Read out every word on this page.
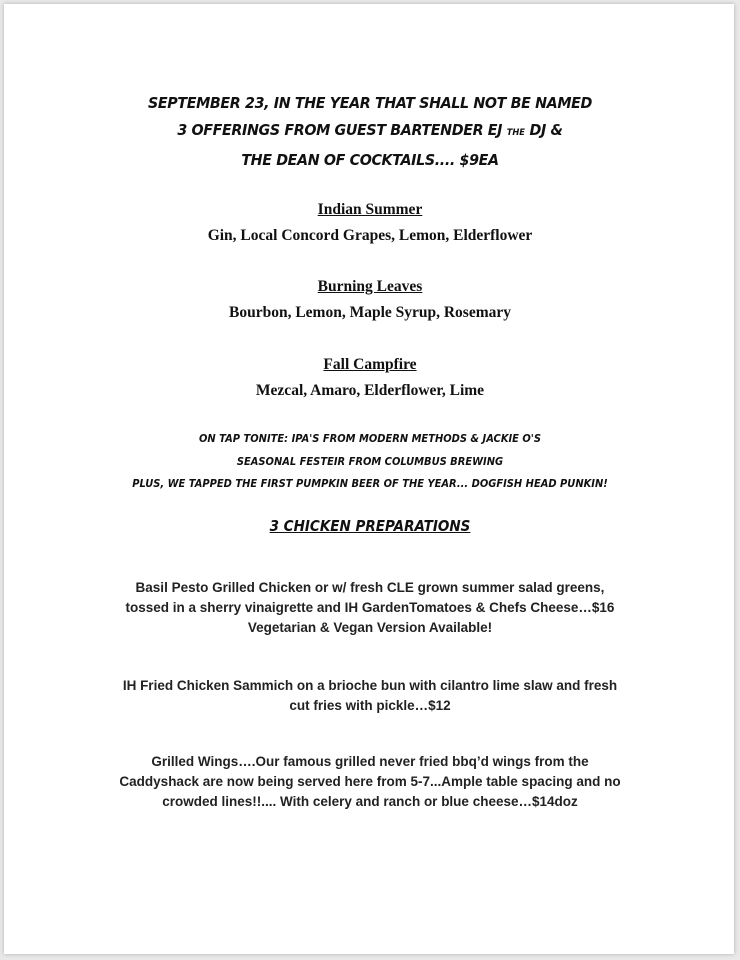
SEPTEMBER 23, IN THE YEAR THAT SHALL NOT BE NAMED
3 OFFERINGS FROM GUEST BARTENDER EJ THE DJ &
THE DEAN OF COCKTAILS.... $9EA
Indian Summer
Gin, Local Concord Grapes, Lemon, Elderflower
Burning Leaves
Bourbon, Lemon, Maple Syrup, Rosemary
Fall Campfire
Mezcal, Amaro, Elderflower, Lime
ON TAP TONITE: IPA'S FROM MODERN METHODS & JACKIE O'S
SEASONAL FESTEIR FROM COLUMBUS BREWING
PLUS, WE TAPPED THE FIRST PUMPKIN BEER OF THE YEAR... DOGFISH HEAD PUNKIN!
3 CHICKEN PREPARATIONS
Basil Pesto Grilled Chicken or w/ fresh CLE grown summer salad greens,
tossed in a sherry vinaigrette and IH GardenTomatoes & Chefs Cheese…$16
Vegetarian & Vegan Version Available!
IH Fried Chicken Sammich on a brioche bun with cilantro lime slaw and fresh
cut fries with pickle…$12
Grilled Wings….Our famous grilled never fried bbq’d wings from the
Caddyshack are now being served here from 5-7...Ample table spacing and no
crowded lines!!.... With celery and ranch or blue cheese…$14doz
